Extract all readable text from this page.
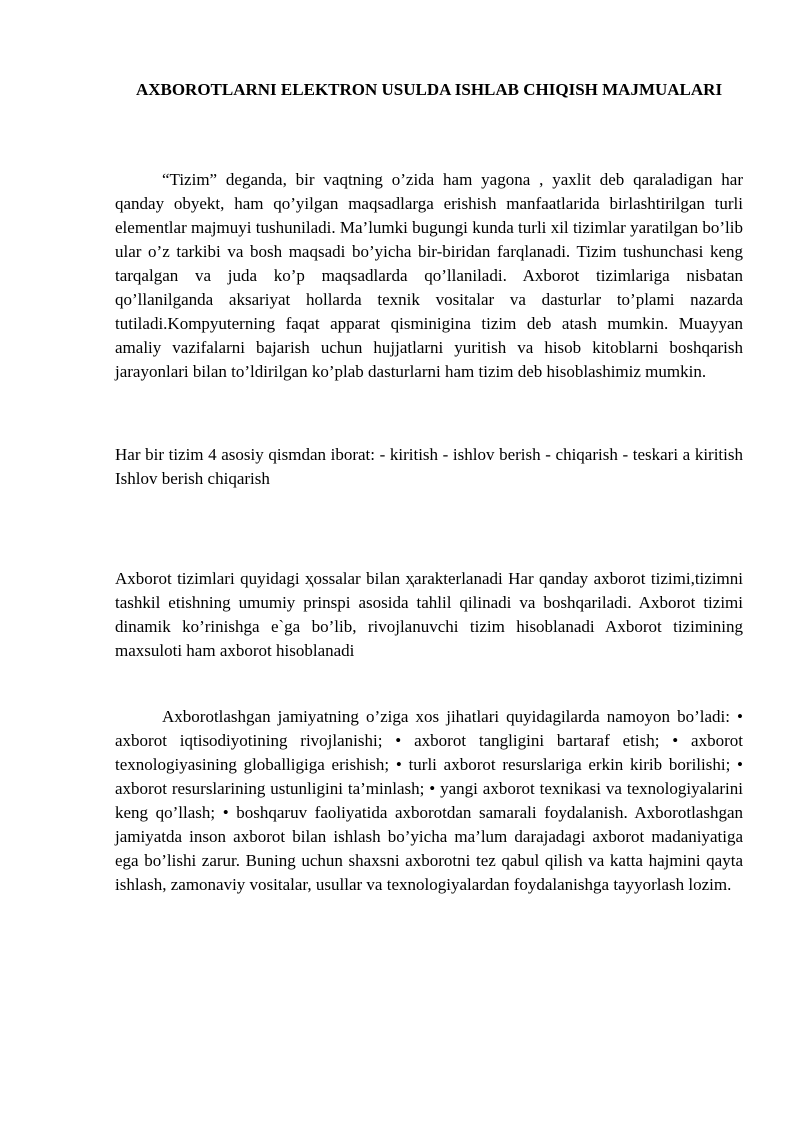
AXBOROTLARNI ELEKTRON USULDA ISHLAB CHIQISH MAJMUALARI

“Tizim” deganda, bir vaqtning o’zida ham yagona , yaxlit deb qaraladigan har qanday obyekt, ham qo’yilgan maqsadlarga erishish manfaatlarida birlashtirilgan turli elementlar majmuyi tushuniladi. Ma’lumki bugungi kunda turli xil tizimlar yaratilgan bo’lib ular o’z tarkibi va bosh maqsadi bo’yicha bir-biridan farqlanadi. Tizim tushunchasi keng tarqalgan va juda ko’p maqsadlarda qo’llaniladi. Axborot tizimlariga nisbatan qo’llanilganda aksariyat hollarda texnik vositalar va dasturlar to’plami nazarda tutiladi.Kompyuterning faqat apparat qisminigina tizim deb atash mumkin. Muayyan amaliy vazifalarni bajarish uchun hujjatlarni yuritish va hisob kitoblarni boshqarish jarayonlari bilan to’ldirilgan ko’plab dasturlarni ham tizim deb hisoblashimiz mumkin.

Har bir tizim 4 asosiy qismdan iborat: - kiritish - ishlov berish - chiqarish - teskari a kiritish Ishlov berish chiqarish

Axborot tizimlari quyidagi ҳossalar bilan ҳarakterlanadi Har qanday axborot tizimi,tizimni tashkil etishning umumiy prinspi asosida tahlil qilinadi va boshqariladi. Axborot tizimi dinamik ko’rinishga e`ga bo’lib, rivojlanuvchi tizim hisoblanadi Axborot tizimining maxsuloti ham axborot hisoblanadi

Axborotlashgan jamiyatning o’ziga xos jihatlari quyidagilarda namoyon bo’ladi: • axborot iqtisodiyotining rivojlanishi; • axborot tangligini bartaraf etish; • axborot texnologiyasining globalligiga erishish; • turli axborot resurslariga erkin kirib borilishi; • axborot resurslarining ustunligini ta’minlash; • yangi axborot texnikasi va texnologiyalarini keng qo’llash; • boshqaruv faoliyatida axborotdan samarali foydalanish. Axborotlashgan jamiyatda inson axborot bilan ishlash bo’yicha ma’lum darajadagi axborot madaniyatiga ega bo’lishi zarur. Buning uchun shaxsni axborotni tez qabul qilish va katta hajmini qayta ishlash, zamonaviy vositalar, usullar va texnologiyalardan foydalanishga tayyorlash lozim.
